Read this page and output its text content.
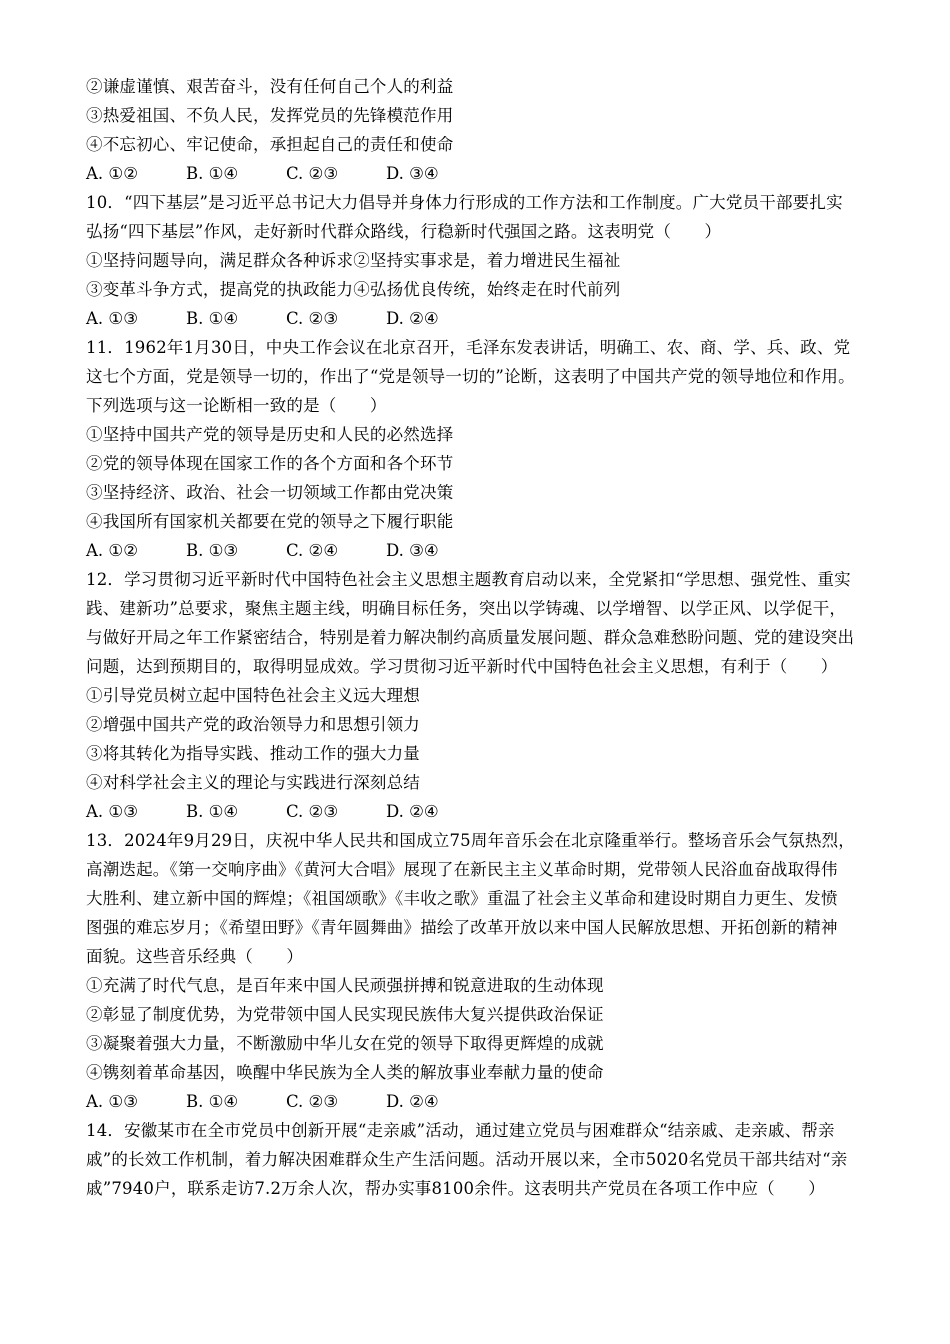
②谦虚谨慎、艰苦奋斗，没有任何自己个人的利益
③热爱祖国、不负人民，发挥党员的先锋模范作用
④不忘初心、牢记使命，承担起自己的责任和使命
A. ①②	B. ①④	C. ②③	D. ③④
10．“四下基层”是习近平总书记大力倡导并身体力行形成的工作方法和工作制度。广大党员干部要扎实
弘扬“四下基层”作风，走好新时代群众路线，行稳新时代强国之路。这表明党（　　）
①坚持问题导向，满足群众各种诉求②坚持实事求是，着力增进民生福祉
③变革斗争方式，提高党的执政能力④弘扬优良传统，始终走在时代前列
A. ①③	B. ①④	C. ②③	D. ②④
11．1962年1月30日，中央工作会议在北京召开，毛泽东发表讲话，明确工、农、商、学、兵、政、党
这七个方面，党是领导一切的，作出了“党是领导一切的”论断，这表明了中国共产党的领导地位和作用。
下列选项与这一论断相一致的是（　　）
①坚持中国共产党的领导是历史和人民的必然选择
②党的领导体现在国家工作的各个方面和各个环节
③坚持经济、政治、社会一切领域工作都由党决策
④我国所有国家机关都要在党的领导之下履行职能
A. ①②	B. ①③	C. ②④	D. ③④
12．学习贯彻习近平新时代中国特色社会主义思想主题教育启动以来，全党紧扣“学思想、强党性、重实
践、建新功”总要求，聚焦主题主线，明确目标任务，突出以学铸魂、以学增智、以学正风、以学促干，
与做好开局之年工作紧密结合，特别是着力解决制约高质量发展问题、群众急难愁盼问题、党的建设突出
问题，达到预期目的，取得明显成效。学习贯彻习近平新时代中国特色社会主义思想，有利于（　　）
①引导党员树立起中国特色社会主义远大理想
②增强中国共产党的政治领导力和思想引领力
③将其转化为指导实践、推动工作的强大力量
④对科学社会主义的理论与实践进行深刻总结
A. ①③	B. ①④	C. ②③	D. ②④
13．2024年9月29日，庆祝中华人民共和国成立75周年音乐会在北京隆重举行。整场音乐会气氛热烈，
高潮迭起。《第一交响序曲》《黄河大合唱》展现了在新民主主义革命时期，党带领人民浴血奋战取得伟
大胜利、建立新中国的辉煌；《祖国颂歌》《丰收之歌》重温了社会主义革命和建设时期自力更生、发愤
图强的难忘岁月；《希望田野》《青年圆舞曲》描绘了改革开放以来中国人民解放思想、开拓创新的精神
面貌。这些音乐经典（　　）
①充满了时代气息，是百年来中国人民顽强拼搏和锐意进取的生动体现
②彰显了制度优势，为党带领中国人民实现民族伟大复兴提供政治保证
③凝聚着强大力量，不断激励中华儿女在党的领导下取得更辉煌的成就
④镌刻着革命基因，唤醒中华民族为全人类的解放事业奉献力量的使命
A. ①③	B. ①④	C. ②③	D. ②④
14．安徽某市在全市党员中创新开展“走亲戚”活动，通过建立党员与困难群众“结亲戚、走亲戚、帮亲
戚”的长效工作机制，着力解决困难群众生产生活问题。活动开展以来，全市5020名党员干部共结对“亲
戚”7940户，联系走访7.2万余人次，帮办实事8100余件。这表明共产党员在各项工作中应（　　）
